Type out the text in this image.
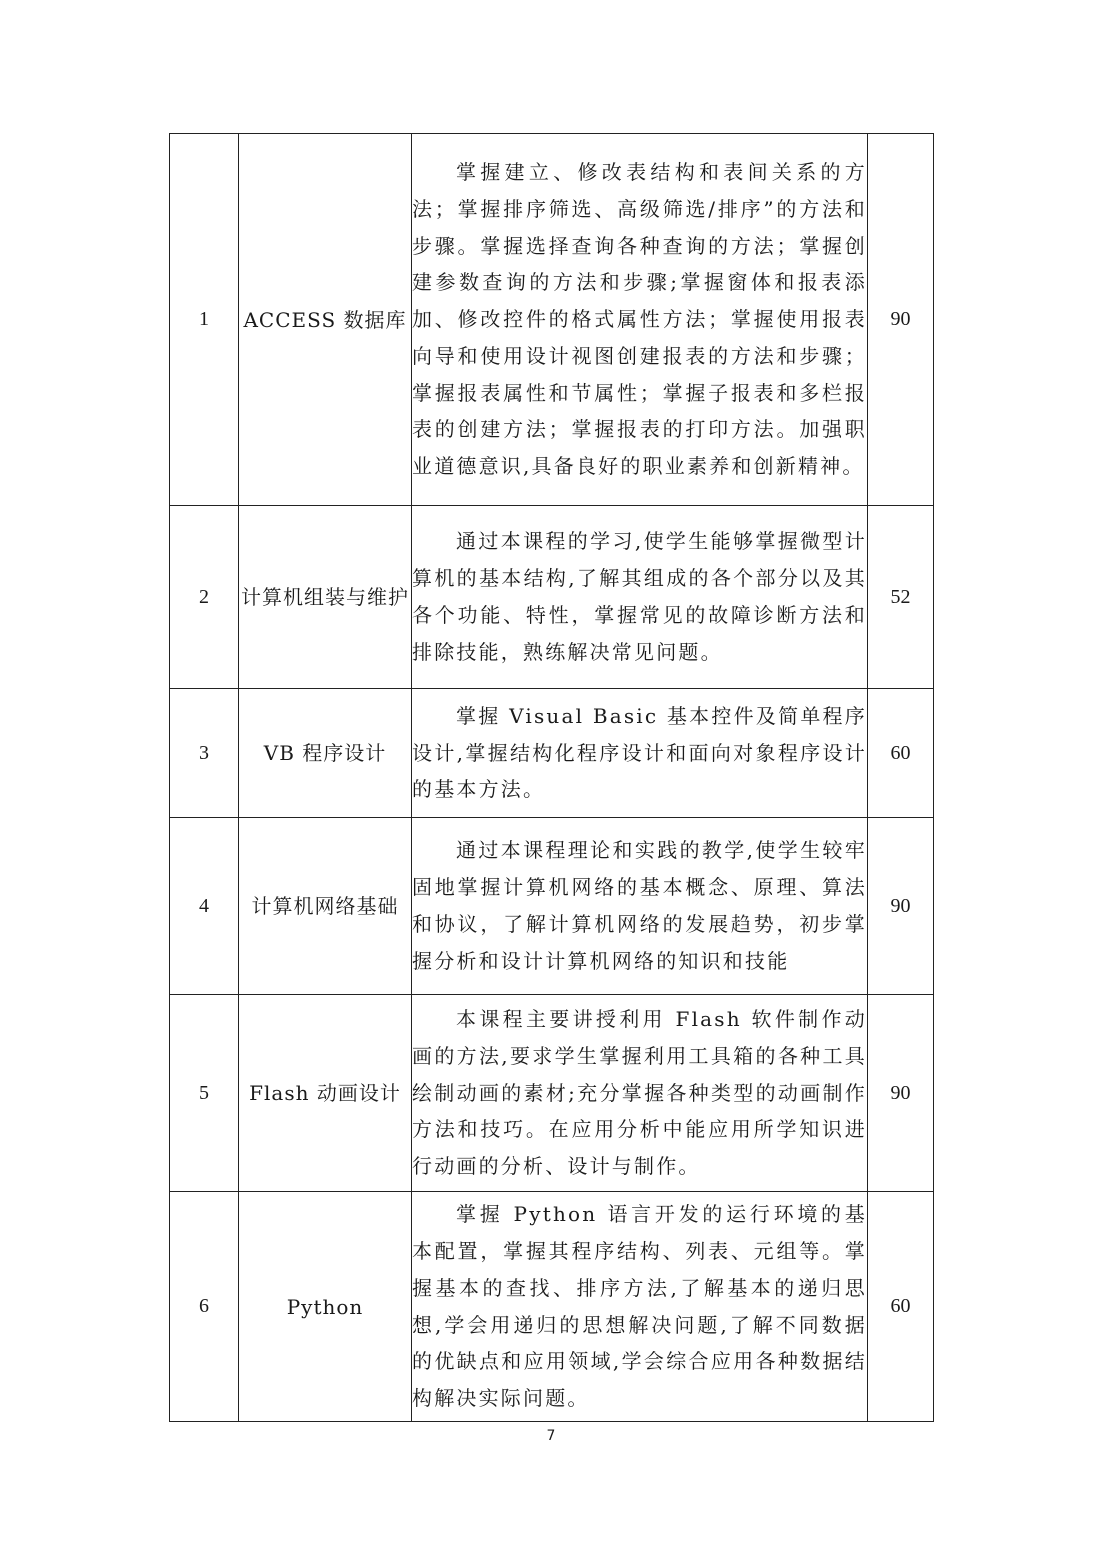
1	ACCESS 数据库	掌握建立、修改表结构和表间关系的方法；掌握排序筛选、高级筛选/排序”的方法和步骤。掌握选择查询各种查询的方法；掌握创建参数查询的方法和步骤;掌握窗体和报表添加、修改控件的格式属性方法；掌握使用报表向导和使用设计视图创建报表的方法和步骤；掌握报表属性和节属性；掌握子报表和多栏报表的创建方法；掌握报表的打印方法。加强职业道德意识,具备良好的职业素养和创新精神。	90
2	计算机组装与维护	通过本课程的学习,使学生能够掌握微型计算机的基本结构,了解其组成的各个部分以及其各个功能、特性，掌握常见的故障诊断方法和排除技能，熟练解决常见问题。	52
3	VB 程序设计	掌握 Visual Basic 基本控件及简单程序设计,掌握结构化程序设计和面向对象程序设计的基本方法。	60
4	计算机网络基础	通过本课程理论和实践的教学,使学生较牢固地掌握计算机网络的基本概念、原理、算法和协议，了解计算机网络的发展趋势，初步掌握分析和设计计算机网络的知识和技能	90
5	Flash 动画设计	本课程主要讲授利用 Flash 软件制作动画的方法,要求学生掌握利用工具箱的各种工具绘制动画的素材;充分掌握各种类型的动画制作方法和技巧。在应用分析中能应用所学知识进行动画的分析、设计与制作。	90
6	Python	掌握 Python 语言开发的运行环境的基本配置，掌握其程序结构、列表、元组等。掌握基本的查找、排序方法,了解基本的递归思想,学会用递归的思想解决问题,了解不同数据的优缺点和应用领域,学会综合应用各种数据结构解决实际问题。	60
7
